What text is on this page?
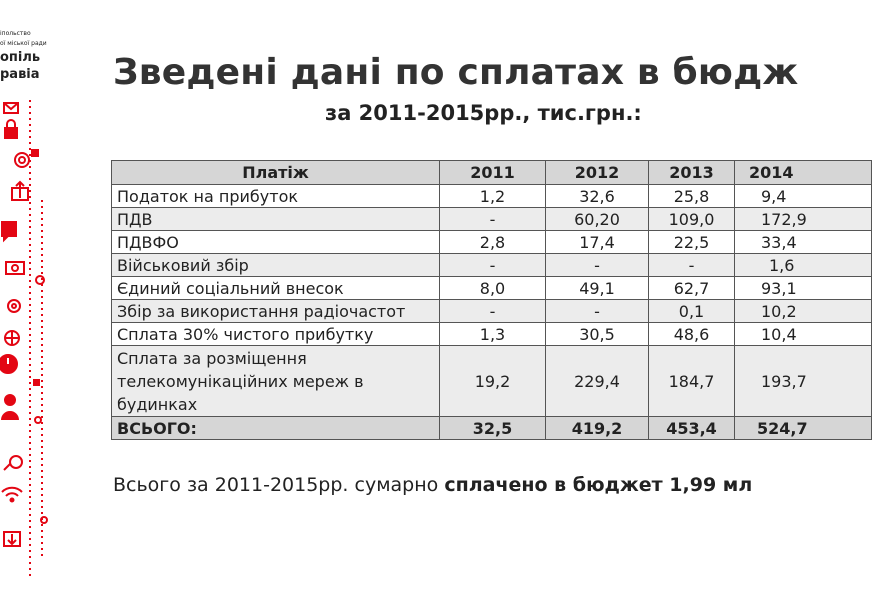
іпольство
ої міської ради
опіль
равіа Зведені дані по сплатах в бюдж
за 2011-2015рр., тис.грн.:
Платіж	2011	2012	2013	2014
Податок на прибуток	1,2	32,6	25,8	9,4
ПДВ	-	60,20	109,0	172,9
ПДВФО	2,8	17,4	22,5	33,4
Військовий збір	-	-	-	1,6
Єдиний соціальний внесок	8,0	49,1	62,7	93,1
Збір за використання радіочастот	-	-	0,1	10,2
Сплата 30% чистого прибутку	1,3	30,5	48,6	10,4
Сплата за розміщення телекомунікаційних мереж в будинках	19,2	229,4	184,7	193,7
ВСЬОГО:	32,5	419,2	453,4	524,7
Всього за 2011-2015рр. сумарно сплачено в бюджет 1,99 мл
